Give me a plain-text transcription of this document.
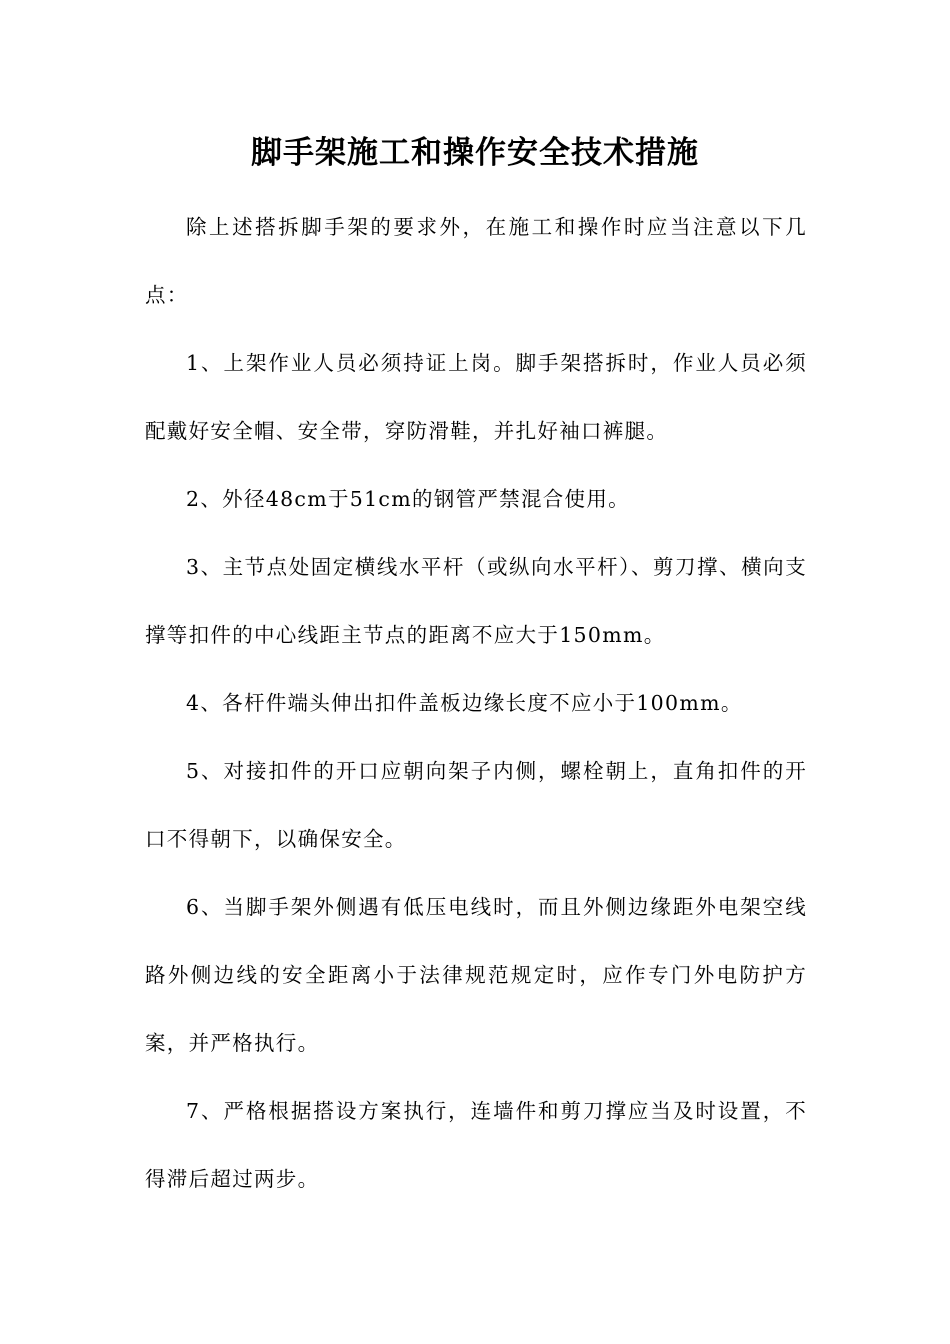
脚手架施工和操作安全技术措施

除上述搭拆脚手架的要求外，在施工和操作时应当注意以下几点：

1、上架作业人员必须持证上岗。脚手架搭拆时，作业人员必须配戴好安全帽、安全带，穿防滑鞋，并扎好袖口裤腿。

2、外径48cm于51cm的钢管严禁混合使用。

3、主节点处固定横线水平杆（或纵向水平杆）、剪刀撑、横向支撑等扣件的中心线距主节点的距离不应大于150mm。

4、各杆件端头伸出扣件盖板边缘长度不应小于100mm。

5、对接扣件的开口应朝向架子内侧，螺栓朝上，直角扣件的开口不得朝下，以确保安全。

6、当脚手架外侧遇有低压电线时，而且外侧边缘距外电架空线路外侧边线的安全距离小于法律规范规定时，应作专门外电防护方案，并严格执行。

7、严格根据搭设方案执行，连墙件和剪刀撑应当及时设置，不得滞后超过两步。
